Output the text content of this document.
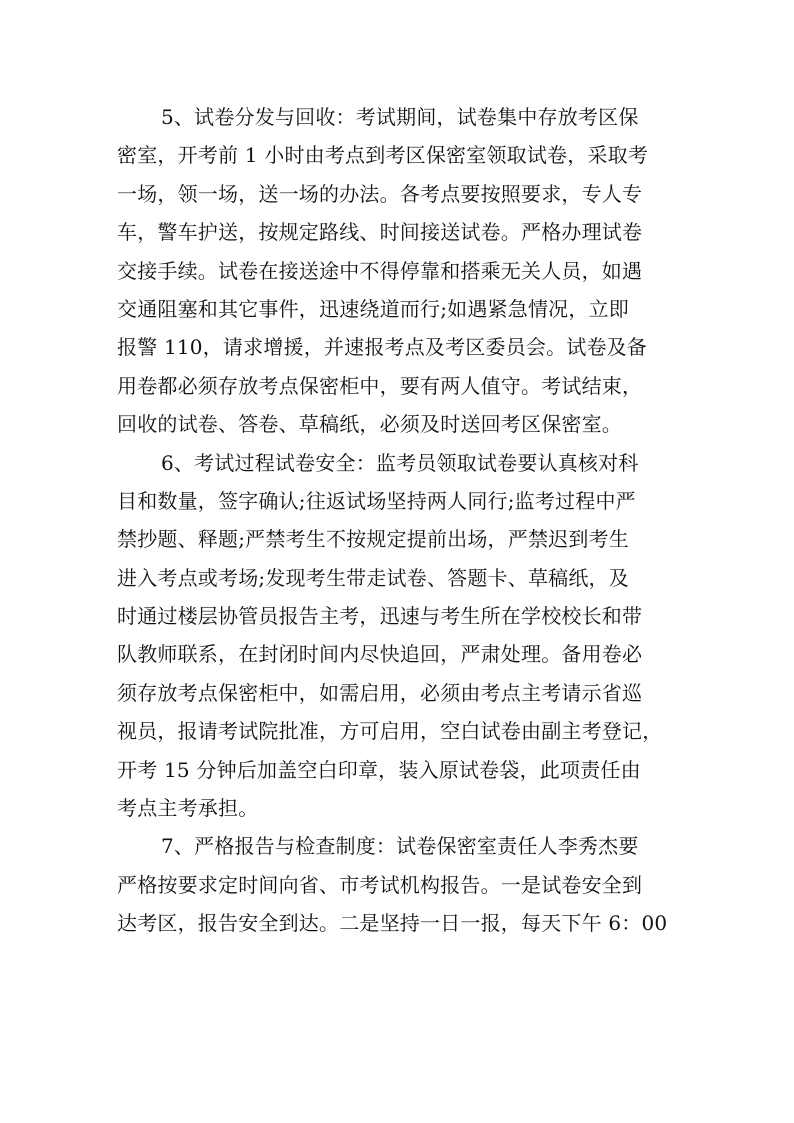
5、试卷分发与回收：考试期间，试卷集中存放考区保
密室，开考前 1 小时由考点到考区保密室领取试卷，采取考
一场，领一场，送一场的办法。各考点要按照要求，专人专
车，警车护送，按规定路线、时间接送试卷。严格办理试卷
交接手续。试卷在接送途中不得停靠和搭乘无关人员，如遇
交通阻塞和其它事件，迅速绕道而行;如遇紧急情况，立即
报警 110，请求增援，并速报考点及考区委员会。试卷及备
用卷都必须存放考点保密柜中，要有两人值守。考试结束，
回收的试卷、答卷、草稿纸，必须及时送回考区保密室。
6、考试过程试卷安全：监考员领取试卷要认真核对科
目和数量，签字确认;往返试场坚持两人同行;监考过程中严
禁抄题、释题;严禁考生不按规定提前出场，严禁迟到考生
进入考点或考场;发现考生带走试卷、答题卡、草稿纸，及
时通过楼层协管员报告主考，迅速与考生所在学校校长和带
队教师联系，在封闭时间内尽快追回，严肃处理。备用卷必
须存放考点保密柜中，如需启用，必须由考点主考请示省巡
视员，报请考试院批准，方可启用，空白试卷由副主考登记，
开考 15 分钟后加盖空白印章，装入原试卷袋，此项责任由
考点主考承担。
7、严格报告与检查制度：试卷保密室责任人李秀杰要
严格按要求定时间向省、市考试机构报告。一是试卷安全到
达考区，报告安全到达。二是坚持一日一报，每天下午 6：00
